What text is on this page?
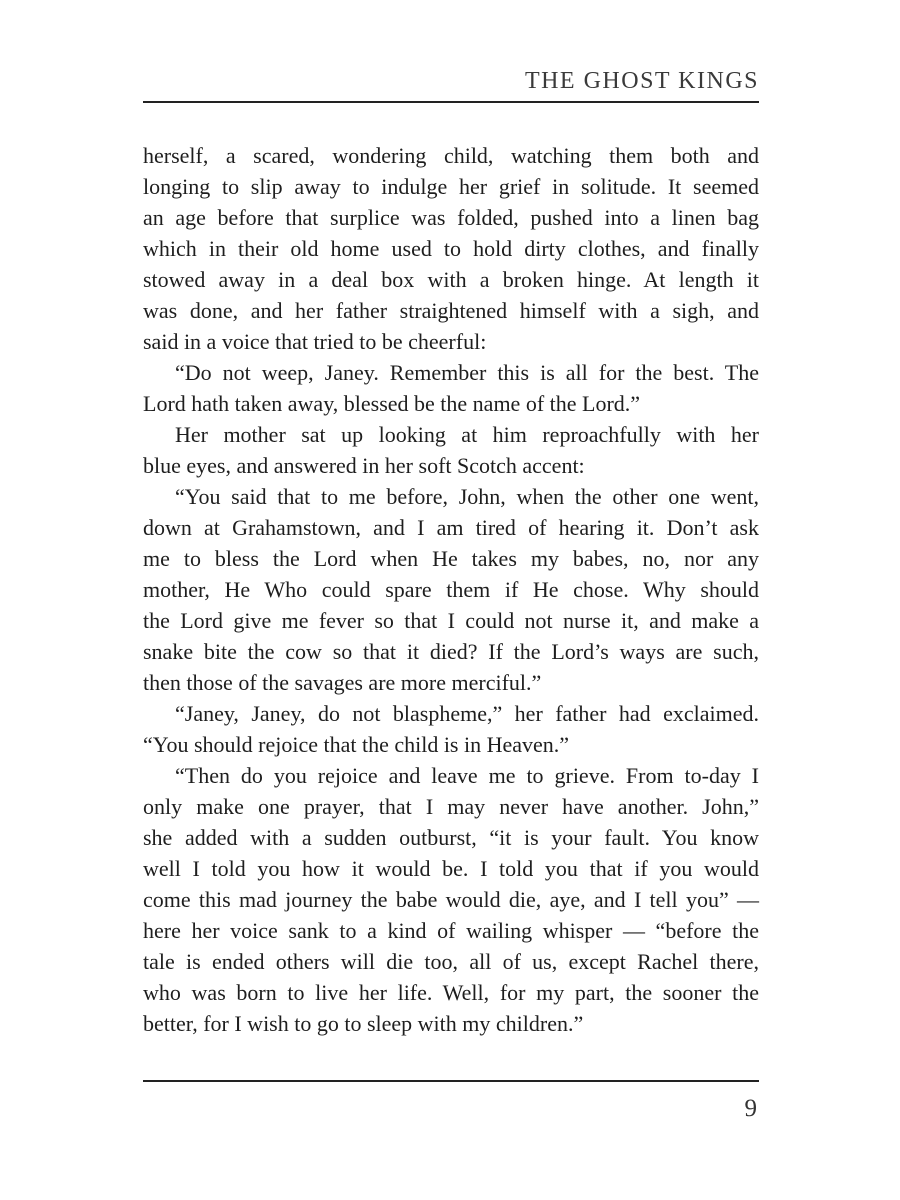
THE GHOST KINGS
herself, a scared, wondering child, watching them both and
longing to slip away to indulge her grief in solitude. It seemed
an age before that surplice was folded, pushed into a linen bag
which in their old home used to hold dirty clothes, and finally
stowed away in a deal box with a broken hinge. At length it
was done, and her father straightened himself with a sigh, and
said in a voice that tried to be cheerful:
“Do not weep, Janey. Remember this is all for the best. The
Lord hath taken away, blessed be the name of the Lord.”
Her mother sat up looking at him reproachfully with her
blue eyes, and answered in her soft Scotch accent:
“You said that to me before, John, when the other one went,
down at Grahamstown, and I am tired of hearing it. Don’t ask
me to bless the Lord when He takes my babes, no, nor any
mother, He Who could spare them if He chose. Why should
the Lord give me fever so that I could not nurse it, and make a
snake bite the cow so that it died? If the Lord’s ways are such,
then those of the savages are more merciful.”
“Janey, Janey, do not blaspheme,” her father had exclaimed.
“You should rejoice that the child is in Heaven.”
“Then do you rejoice and leave me to grieve. From to-day I
only make one prayer, that I may never have another. John,”
she added with a sudden outburst, “it is your fault. You know
well I told you how it would be. I told you that if you would
come this mad journey the babe would die, aye, and I tell you” —
here her voice sank to a kind of wailing whisper — “before the
tale is ended others will die too, all of us, except Rachel there,
who was born to live her life. Well, for my part, the sooner the
better, for I wish to go to sleep with my children.”
9
